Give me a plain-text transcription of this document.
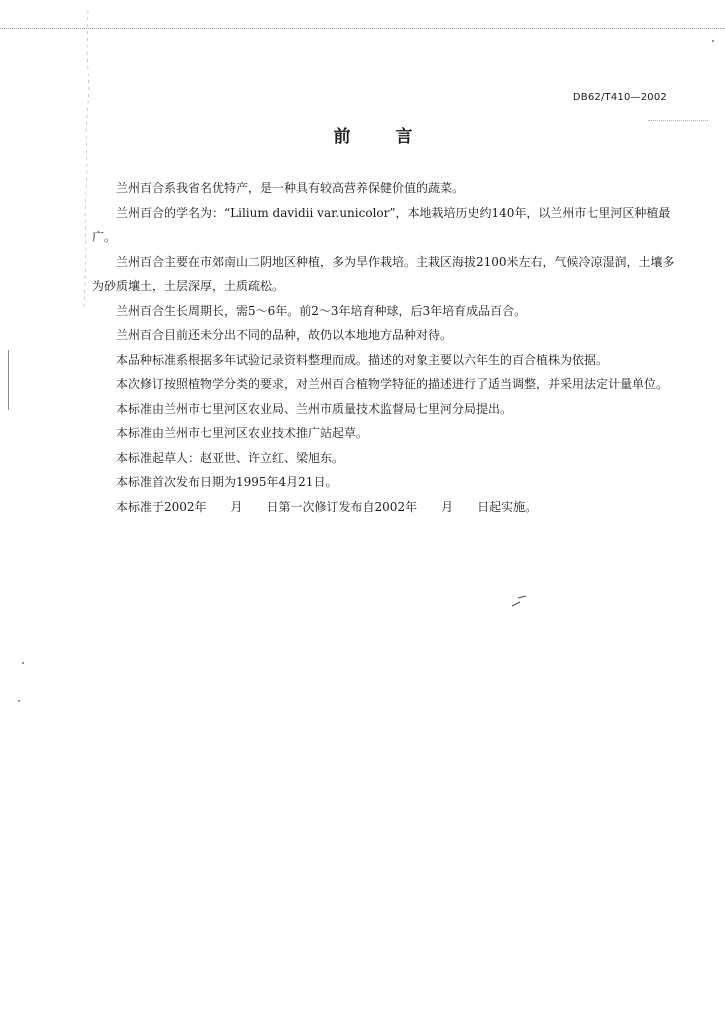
DB62/T410—2002
前　言

兰州百合系我省名优特产，是一种具有较高营养保健价值的蔬菜。

兰州百合的学名为：“Lilium davidii var.unicolor”，本地栽培历史约140年，以兰州市七里河区种植最广。

兰州百合主要在市郊南山二阴地区种植，多为旱作栽培。主栽区海拔2100米左右，气候冷凉湿润，土壤多为砂质壤土，土层深厚，土质疏松。

兰州百合生长周期长，需5～6年。前2～3年培育种球，后3年培育成品百合。

兰州百合目前还未分出不同的品种，故仍以本地地方品种对待。

本品种标准系根据多年试验记录资料整理而成。描述的对象主要以六年生的百合植株为依据。

本次修订按照植物学分类的要求，对兰州百合植物学特征的描述进行了适当调整，并采用法定计量单位。

本标准由兰州市七里河区农业局、兰州市质量技术监督局七里河分局提出。

本标准由兰州市七里河区农业技术推广站起草。

本标准起草人：赵亚世、许立红、梁旭东。

本标准首次发布日期为1995年4月21日。

本标准于2002年　　月　　日第一次修订发布自2002年　　月　　日起实施。
